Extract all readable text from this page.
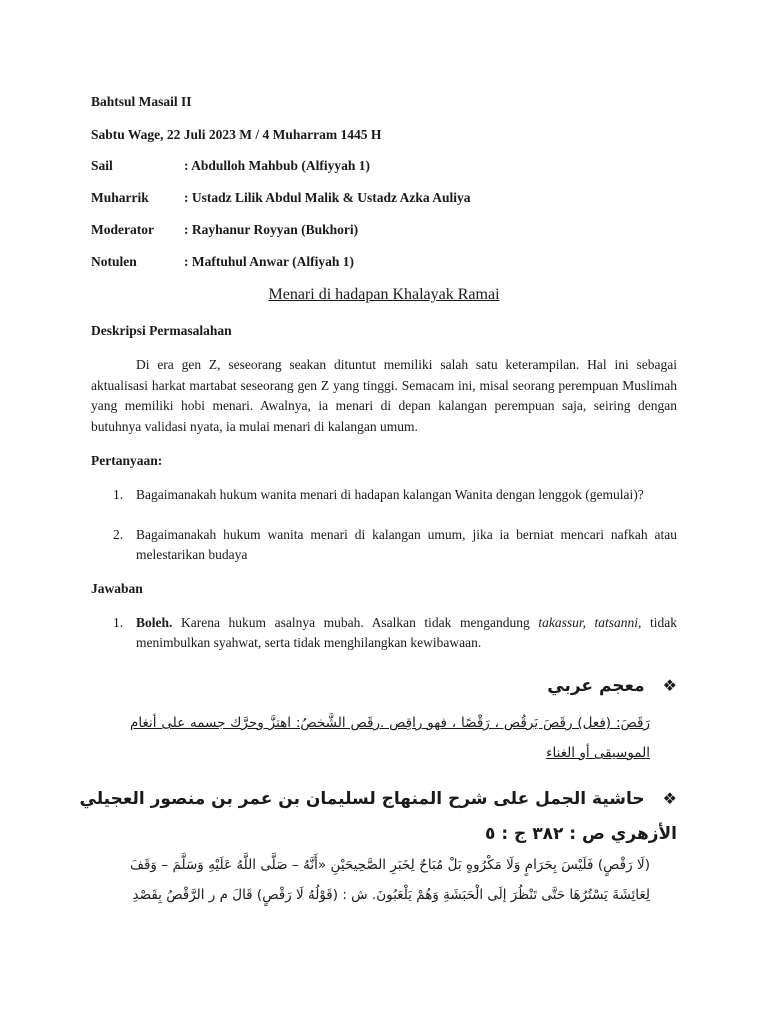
Bahtsul Masail II
Sabtu Wage, 22 Juli 2023 M / 4 Muharram 1445 H
Sail	: Abdulloh Mahbub (Alfiyyah 1)
Muharrik	: Ustadz Lilik Abdul Malik & Ustadz Azka Auliya
Moderator : Rayhanur Royyan (Bukhori)
Notulen	: Maftuhul Anwar (Alfiyah 1)
Menari di hadapan Khalayak Ramai
Deskripsi Permasalahan
Di era gen Z, seseorang seakan dituntut memiliki salah satu keterampilan. Hal ini sebagai aktualisasi harkat martabat seseorang gen Z yang tinggi. Semacam ini, misal seorang perempuan Muslimah yang memiliki hobi menari. Awalnya, ia menari di depan kalangan perempuan saja, seiring dengan butuhnya validasi nyata, ia mulai menari di kalangan umum.
Pertanyaan:
1. Bagaimanakah hukum wanita menari di hadapan kalangan Wanita dengan lenggok (gemulai)?
2. Bagaimanakah hukum wanita menari di kalangan umum, jika ia berniat mencari nafkah atau melestarikan budaya
Jawaban
1. Boleh. Karena hukum asalnya mubah. Asalkan tidak mengandung takassur, tatsanni, tidak menimbulkan syahwat, serta tidak menghilangkan kewibawaan.
❖معجم عربي
رَقَصَ: (فعل) رقَصَ يَرقُص ، رَقْصًا ، فهو راقِص .رقَص الشَّخصُ: اهتزَّ وحرَّك جسمه على أنغام الموسيقى أو الغناء
❖حاشية الجمل على شرح المنهاج لسليمان بن عمر بن منصور العجيلي الأزهري ص : ٣٨٢ ج : ٥
(لَا رَقْصٍ) فَلَيْسَ بِحَرَامٍ وَلَا مَكْرُوهٍ بَلْ مُبَاحٌ لِخَبَرِ الصَّحِيحَيْنِ «أَنَّهُ – صَلَّى اللَّهُ عَلَيْهِ وَسَلَّمَ – وَقَفَ لِعَائِشَةَ يَسْتُرُهَا حَتَّى تَنْظُرَ إلَى الْحَبَشَةِ وَهُمْ يَلْعَبُونَ. ش : (قَوْلُهُ لَا رَقْصٍ) قَالَ م ر الرَّقْصُ بِقَصْدِ
